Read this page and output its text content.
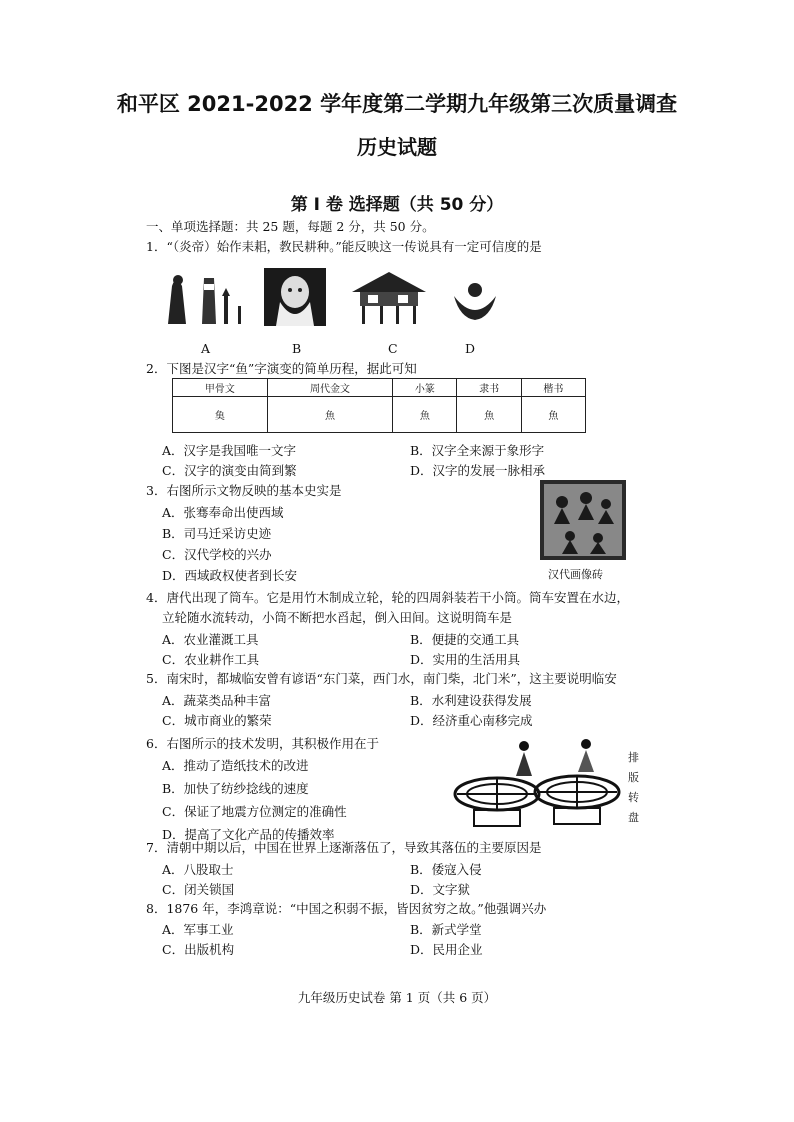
和平区 2021-2022 学年度第二学期九年级第三次质量调查
历史试题
第 I 卷 选择题（共 50 分）
一、单项选择题：共 25 题，每题 2 分，共 50 分。
1．“（炎帝）始作耒耜，教民耕种。”能反映这一传说具有一定可信度的是
A	B	C	D
2．下图是汉字“鱼”字演变的简单历程，据此可知
甲骨文	周代金文	小篆	隶书	楷书
𩵋	魚	魚	魚	魚
A．汉字是我国唯一文字	B．汉字全来源于象形字
C．汉字的演变由简到繁	D．汉字的发展一脉相承
3．右图所示文物反映的基本史实是
A．张骞奉命出使西域
B．司马迁采访史迹
C．汉代学校的兴办
D．西域政权使者到长安	汉代画像砖
4．唐代出现了筒车。它是用竹木制成立轮，轮的四周斜装若干小筒。筒车安置在水边，
立轮随水流转动，小筒不断把水舀起，倒入田间。这说明筒车是
A．农业灌溉工具	B．便捷的交通工具
C．农业耕作工具	D．实用的生活用具
5．南宋时，都城临安曾有谚语“东门菜，西门水，南门柴，北门米”，这主要说明临安
A．蔬菜类品种丰富	B．水利建设获得发展
C．城市商业的繁荣	D．经济重心南移完成
6．右图所示的技术发明，其积极作用在于
A．推动了造纸技术的改进
B．加快了纺纱捻线的速度
C．保证了地震方位测定的准确性
D．提高了文化产品的传播效率
排 版 转 盘
7．清朝中期以后，中国在世界上逐渐落伍了，导致其落伍的主要原因是
A．八股取士	B．倭寇入侵
C．闭关锁国	D．文字狱
8．1876 年，李鸿章说：“中国之积弱不振，皆因贫穷之故。”他强调兴办
A．军事工业	B．新式学堂
C．出版机构	D．民用企业
九年级历史试卷 第 1 页（共 6 页）
